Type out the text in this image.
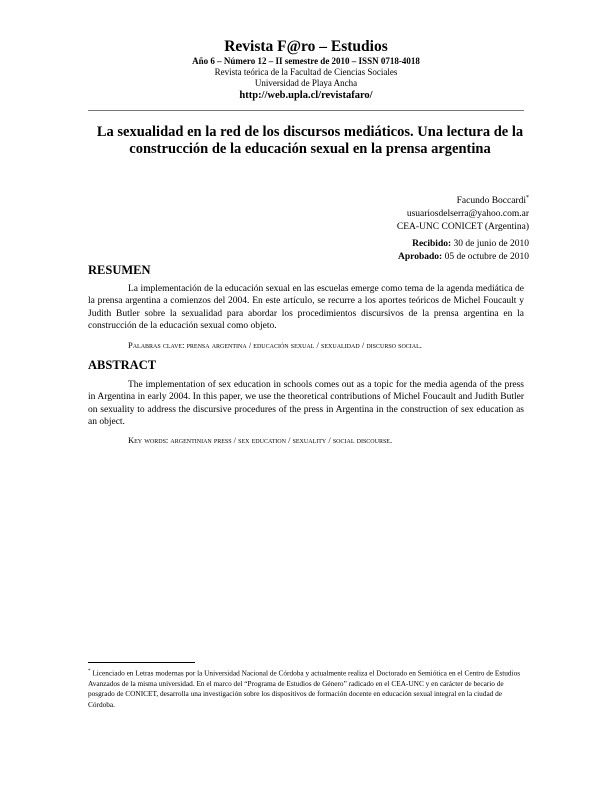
Revista F@ro – Estudios
Año 6 – Número 12 – II semestre de 2010 – ISSN 0718-4018
Revista teórica de la Facultad de Ciencias Sociales
Universidad de Playa Ancha
http://web.upla.cl/revistafaro/
La sexualidad en la red de los discursos mediáticos. Una lectura de la construcción de la educación sexual en la prensa argentina
Facundo Boccardi*
usuariosdelserra@yahoo.com.ar
CEA-UNC CONICET (Argentina)
Recibido: 30 de junio de 2010
Aprobado: 05 de octubre de 2010
RESUMEN
La implementación de la educación sexual en las escuelas emerge como tema de la agenda mediática de la prensa argentina a comienzos del 2004. En este artículo, se recurre a los aportes teóricos de Michel Foucault y Judith Butler sobre la sexualidad para abordar los procedimientos discursivos de la prensa argentina en la construcción de la educación sexual como objeto.
Palabras clave: prensa argentina / educación sexual / sexualidad / discurso social.
ABSTRACT
The implementation of sex education in schools comes out as a topic for the media agenda of the press in Argentina in early 2004. In this paper, we use the theoretical contributions of Michel Foucault and Judith Butler on sexuality to address the discursive procedures of the press in Argentina in the construction of sex education as an object.
Key words: argentinian press / sex education / sexuality / social discourse.
* Licenciado en Letras modernas por la Universidad Nacional de Córdoba y actualmente realiza el Doctorado en Semiótica en el Centro de Estudios Avanzados de la misma universidad. En el marco del “Programa de Estudios de Género” radicado en el CEA-UNC y en carácter de becario de posgrado de CONICET, desarrolla una investigación sobre los dispositivos de formación docente en educación sexual integral en la ciudad de Córdoba.
